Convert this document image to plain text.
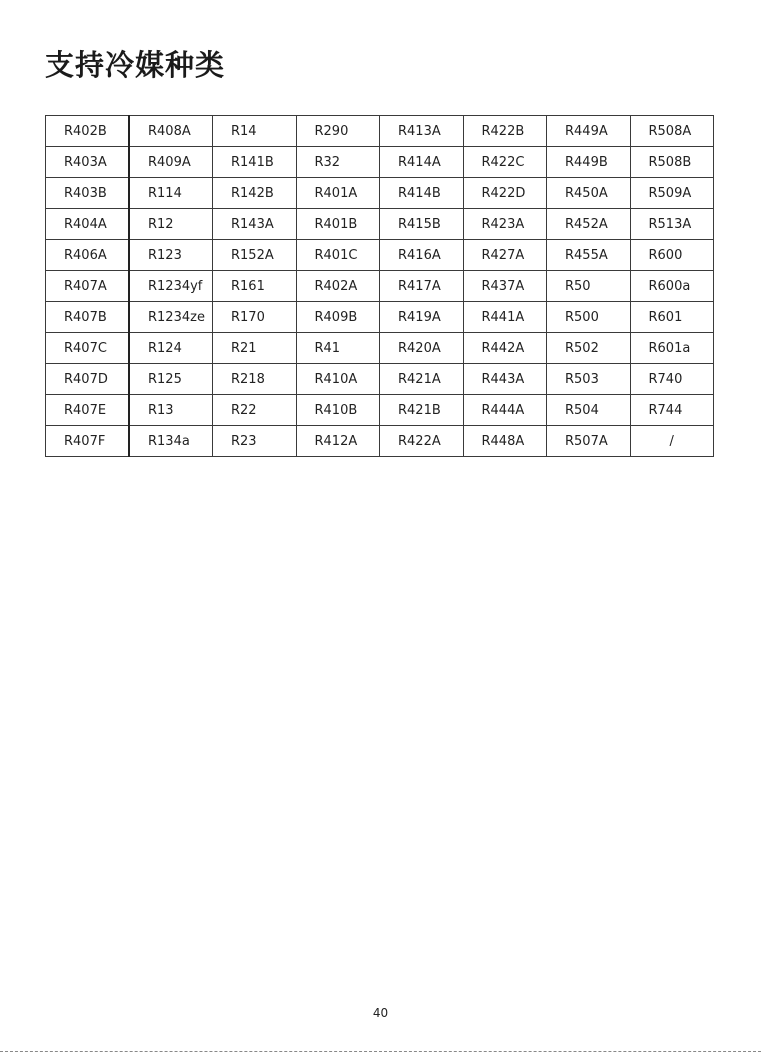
支持冷媒种类
R402B	R408A	R14	R290	R413A	R422B	R449A	R508A
R403A	R409A	R141B	R32	R414A	R422C	R449B	R508B
R403B	R114	R142B	R401A	R414B	R422D	R450A	R509A
R404A	R12	R143A	R401B	R415B	R423A	R452A	R513A
R406A	R123	R152A	R401C	R416A	R427A	R455A	R600
R407A	R1234yf	R161	R402A	R417A	R437A	R50	R600a
R407B	R1234ze	R170	R409B	R419A	R441A	R500	R601
R407C	R124	R21	R41	R420A	R442A	R502	R601a
R407D	R125	R218	R410A	R421A	R443A	R503	R740
R407E	R13	R22	R410B	R421B	R444A	R504	R744
R407F	R134a	R23	R412A	R422A	R448A	R507A	/
40
